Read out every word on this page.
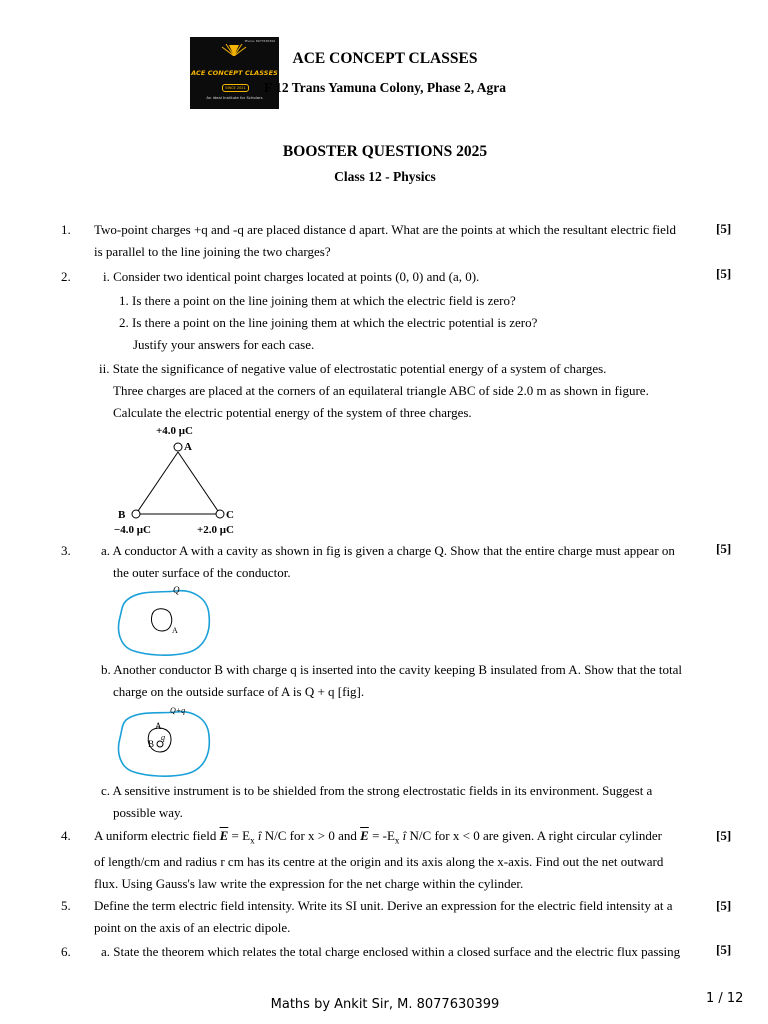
Phone: 8077630399
ACE CONCEPT CLASSES
SINCE 2021
An Ideal Institute for Scholars
ACE CONCEPT CLASSES
F 12 Trans Yamuna Colony, Phase 2, Agra
BOOSTER QUESTIONS 2025
Class 12 - Physics
1. Two-point charges +q and -q are placed distance d apart. What are the points at which the resultant electric field	[5]
is parallel to the line joining the two charges?
2. i. Consider two identical point charges located at points (0, 0) and (a, 0).	[5]
1. Is there a point on the line joining them at which the electric field is zero?
2. Is there a point on the line joining them at which the electric potential is zero?
Justify your answers for each case.
ii. State the significance of negative value of electrostatic potential energy of a system of charges.
Three charges are placed at the corners of an equilateral triangle ABC of side 2.0 m as shown in figure.
Calculate the electric potential energy of the system of three charges.
+4.0 μC
A
B	C
−4.0 μC	+2.0 μC
3. a. A conductor A with a cavity as shown in fig is given a charge Q. Show that the entire charge must appear on	[5]
the outer surface of the conductor.
Q
A
b. Another conductor B with charge q is inserted into the cavity keeping B insulated from A. Show that the total
charge on the outside surface of A is Q + q [fig].
Q+q
A
B
q
c. A sensitive instrument is to be shielded from the strong electrostatic fields in its environment. Suggest a
possible way.
4. A uniform electric field $\overline{E} = E_x$ î N/C for x > 0 and $\overline{E} = -E_x$ î N/C for x < 0 are given. A right circular cylinder	[5]
of length/cm and radius r cm has its centre at the origin and its axis along the x-axis. Find out the net outward
flux. Using Gauss's law write the expression for the net charge within the cylinder.
5. Define the term electric field intensity. Write its SI unit. Derive an expression for the electric field intensity at a	[5]
point on the axis of an electric dipole.
6. a. State the theorem which relates the total charge enclosed within a closed surface and the electric flux passing	[5]
Maths by Ankit Sir, M. 8077630399	1 / 12
